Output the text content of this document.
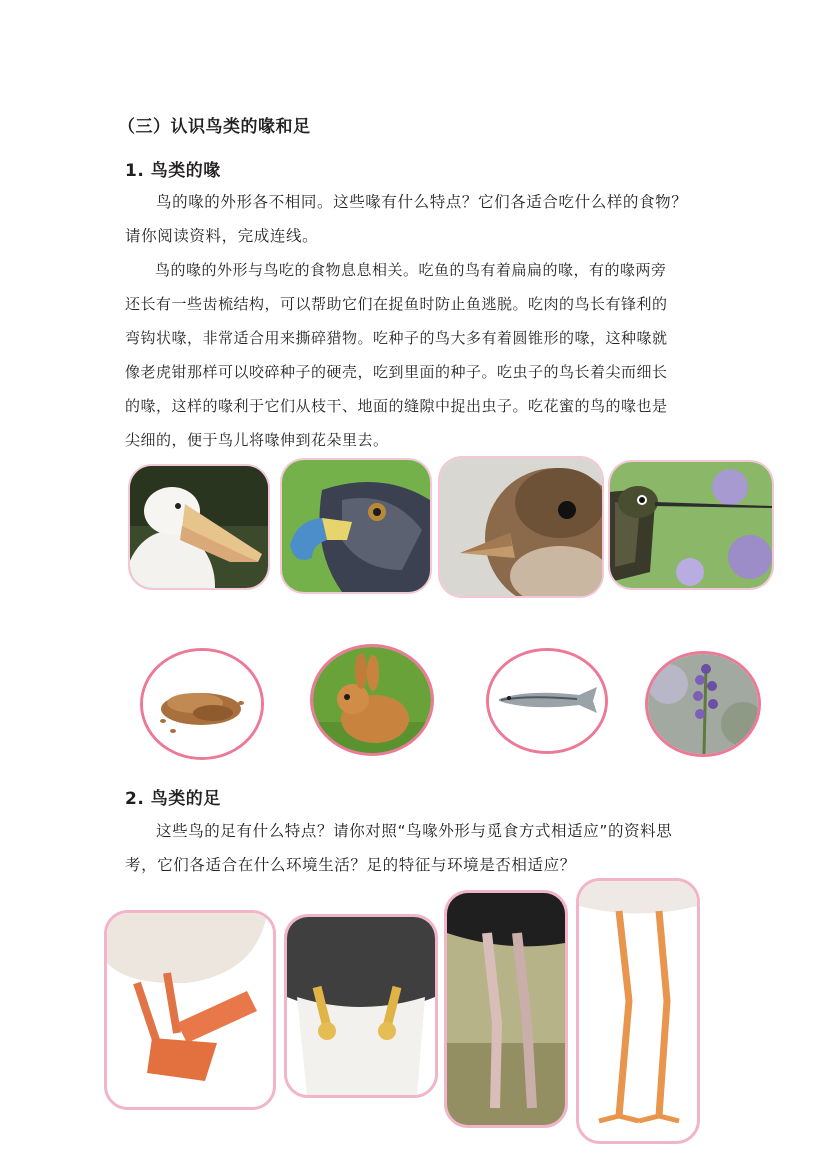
（三）认识鸟类的喙和足
1. 鸟类的喙

鸟的喙的外形各不相同。这些喙有什么特点？它们各适合吃什么样的食物？

请你阅读资料，完成连线。

鸟的喙的外形与鸟吃的食物息息相关。吃鱼的鸟有着扁扁的喙，有的喙两旁

还长有一些齿梳结构，可以帮助它们在捉鱼时防止鱼逃脱。吃肉的鸟长有锋利的

弯钩状喙，非常适合用来撕碎猎物。吃种子的鸟大多有着圆锥形的喙，这种喙就

像老虎钳那样可以咬碎种子的硬壳，吃到里面的种子。吃虫子的鸟长着尖而细长

的喙，这样的喙利于它们从枝干、地面的缝隙中捉出虫子。吃花蜜的鸟的喙也是

尖细的，便于鸟儿将喙伸到花朵里去。

2. 鸟类的足

这些鸟的足有什么特点？请你对照“鸟喙外形与觅食方式相适应”的资料思

考，它们各适合在什么环境生活？足的特征与环境是否相适应？
